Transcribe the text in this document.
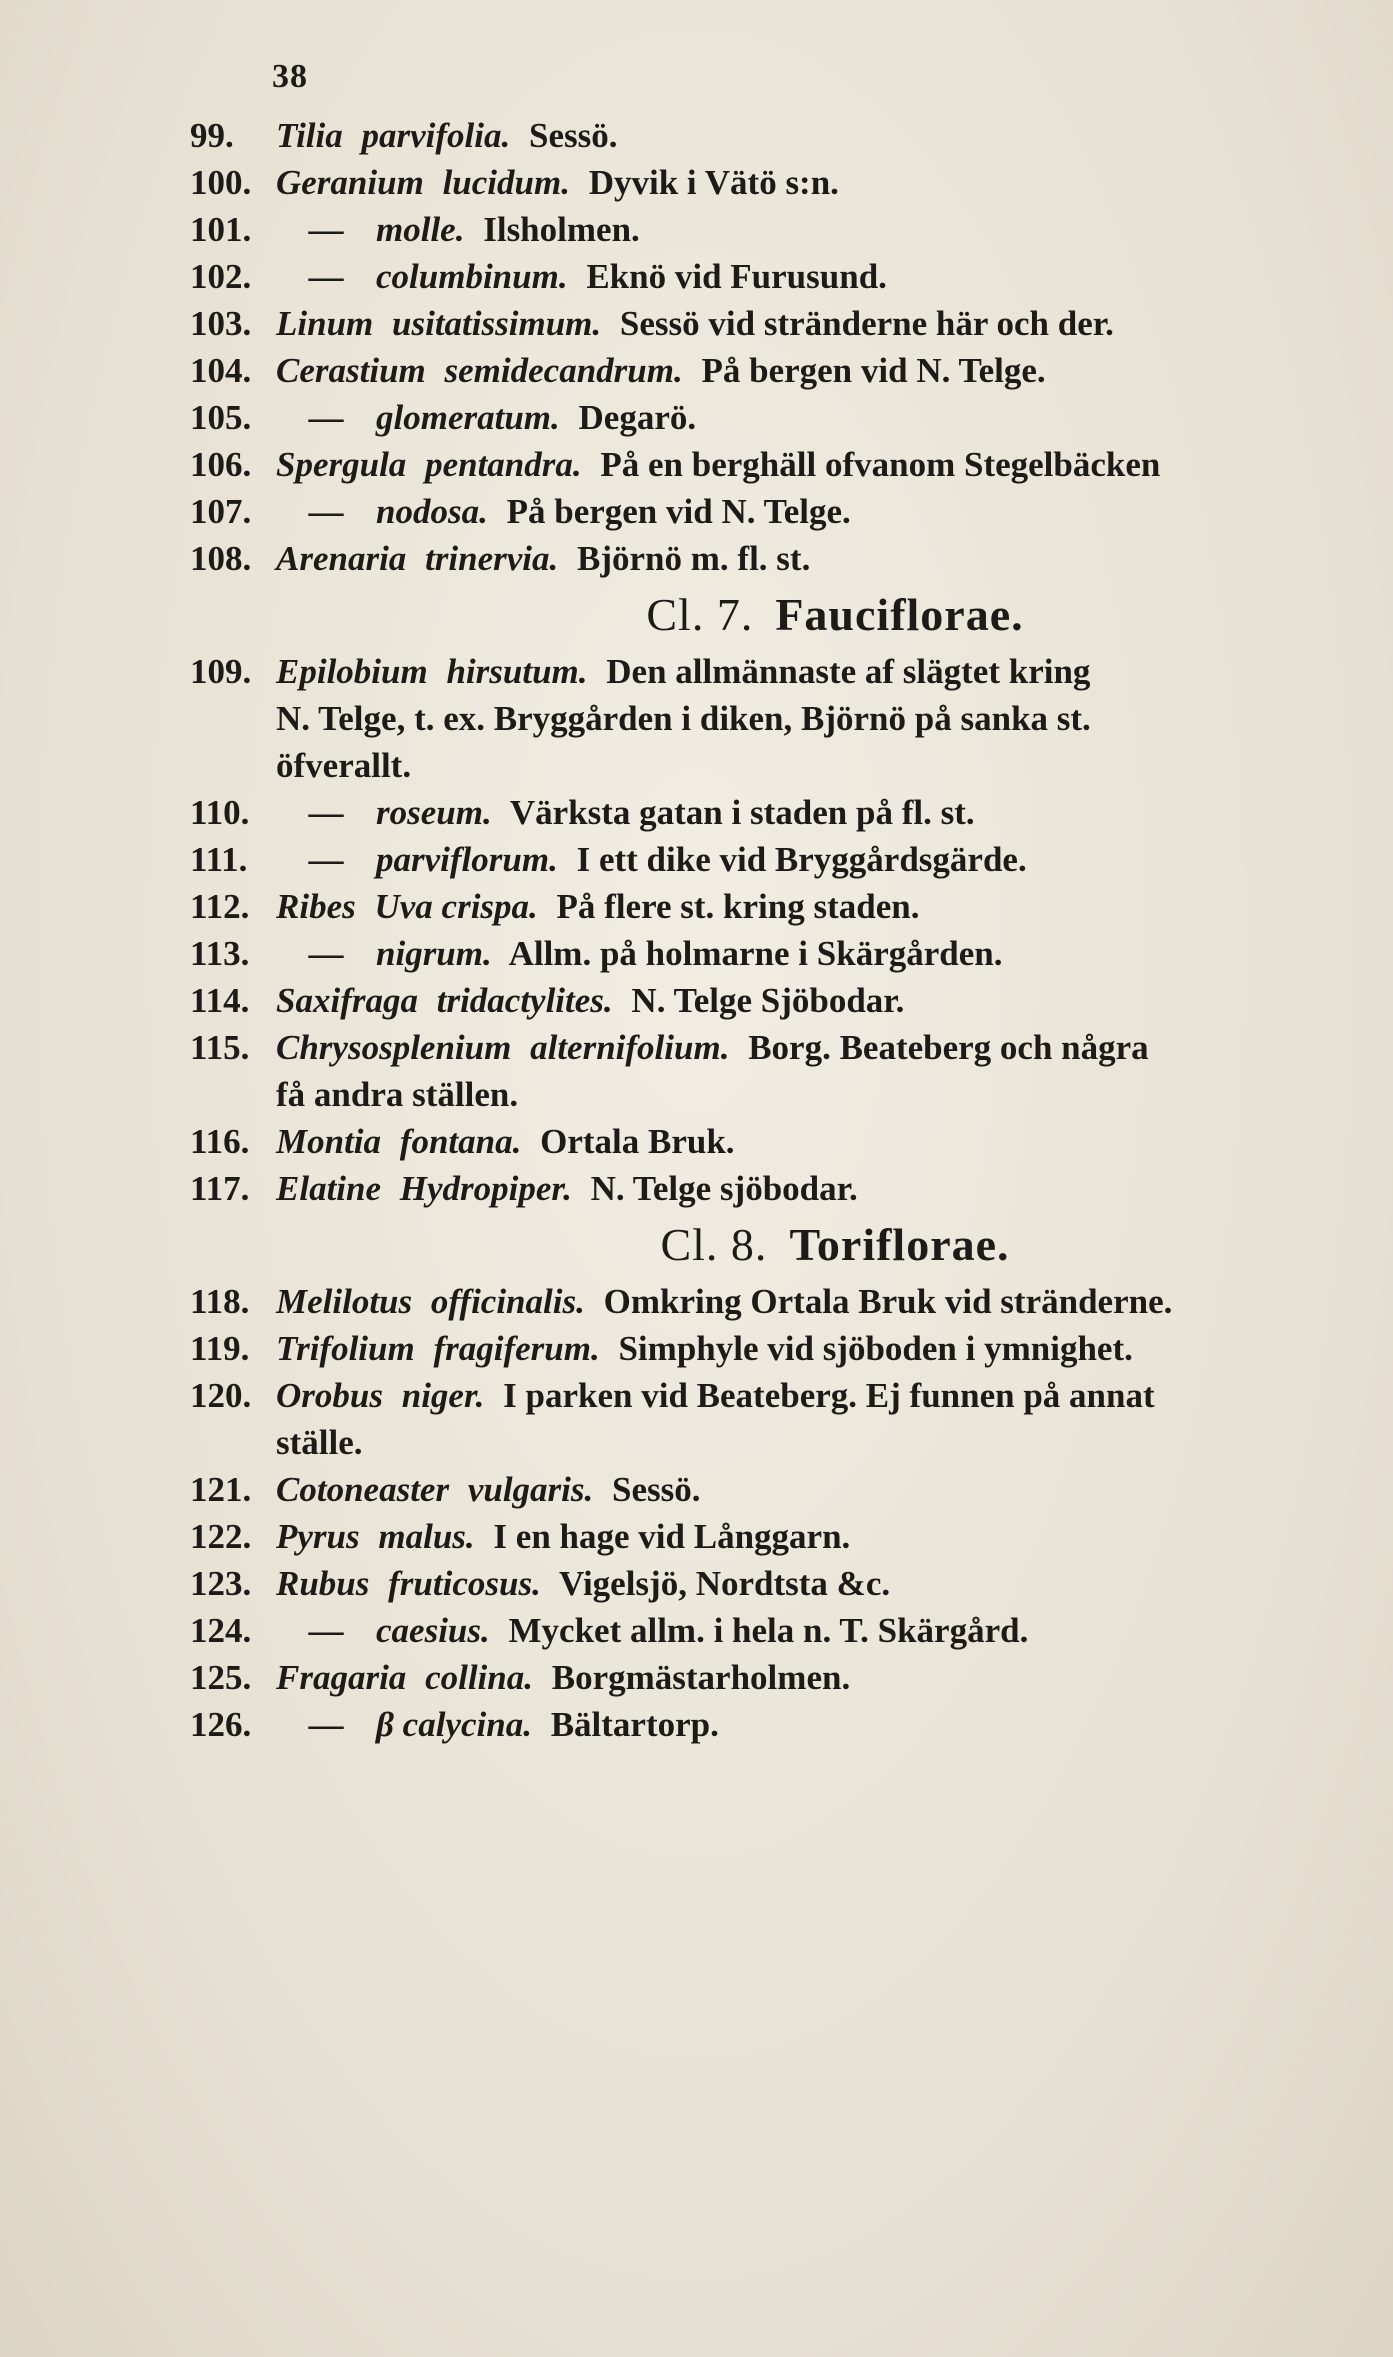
38
99.	Tilia parvifolia. Sessö.
100. Geranium lucidum. Dyvik i Vätö s:n.
101.	— molle. Ilsholmen.
102.	— columbinum. Eknö vid Furusund.
103. Linum usitatissimum. Sessö vid stränderne här och der.
104. Cerastium semidecandrum. På bergen vid N. Telge.
105.	— glomeratum. Degarö.
106. Spergula pentandra. På en berghäll ofvanom Stegelbäcken
107.	— nodosa. På bergen vid N. Telge.
108. Arenaria trinervia. Björnö m. fl. st.
Cl. 7. Fauciflorae.
109. Epilobium hirsutum. Den allmännaste af slägtet kring
N. Telge, t. ex. Bryggården i diken, Björnö på sanka st.
öfverallt.
110.	— roseum. Värksta gatan i staden på fl. st.
111.	— parviflorum. I ett dike vid Bryggårdsgärde.
112. Ribes Uva crispa. På flere st. kring staden.
113.	— nigrum. Allm. på holmarne i Skärgården.
114. Saxifraga tridactylites. N. Telge Sjöbodar.
115. Chrysosplenium alternifolium. Borg. Beateberg och några
få andra ställen.
116. Montia fontana. Ortala Bruk.
117. Elatine Hydropiper. N. Telge sjöbodar.
Cl. 8. Toriflorae.
118. Melilotus officinalis. Omkring Ortala Bruk vid stränderne.
119. Trifolium fragiferum. Simphyle vid sjöboden i ymnighet.
120. Orobus niger. I parken vid Beateberg. Ej funnen på annat
ställe.
121. Cotoneaster vulgaris. Sessö.
122. Pyrus malus. I en hage vid Långgarn.
123. Rubus fruticosus. Vigelsjö, Nordtsta &c.
124.	— caesius. Mycket allm. i hela n. T. Skärgård.
125. Fragaria collina. Borgmästarholmen.
126.	— β calycina. Bältartorp.
